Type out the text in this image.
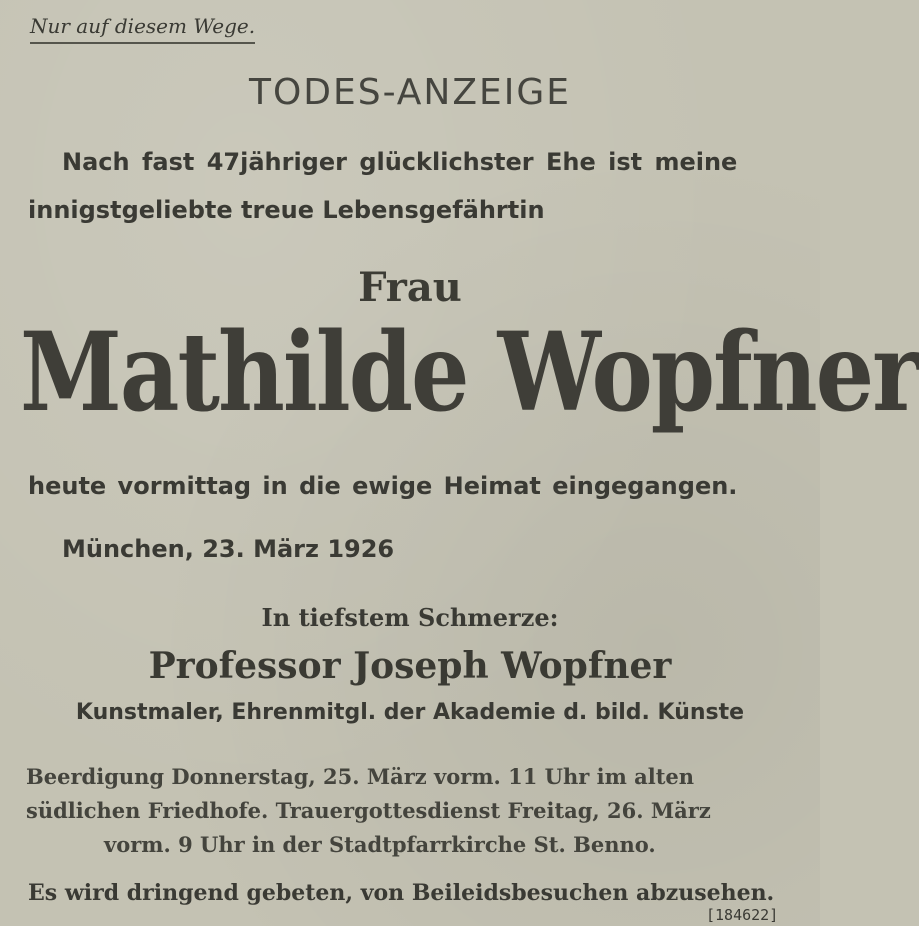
Nur auf diesem Wege.
TODES-ANZEIGE
Nach fast 47jähriger glücklichster Ehe ist meine
innigstgeliebte treue Lebensgefährtin
Frau
Mathilde Wopfner
heute vormittag in die ewige Heimat eingegangen.
München, 23. März 1926
In tiefstem Schmerze:
Professor Joseph Wopfner
Kunstmaler, Ehrenmitgl. der Akademie d. bild. Künste
Beerdigung Donnerstag, 25. März vorm. 11 Uhr im alten
südlichen Friedhofe. Trauergottesdienst Freitag, 26. März
vorm. 9 Uhr in der Stadtpfarrkirche St. Benno.
Es wird dringend gebeten, von Beileidsbesuchen abzusehen.
[184622]
